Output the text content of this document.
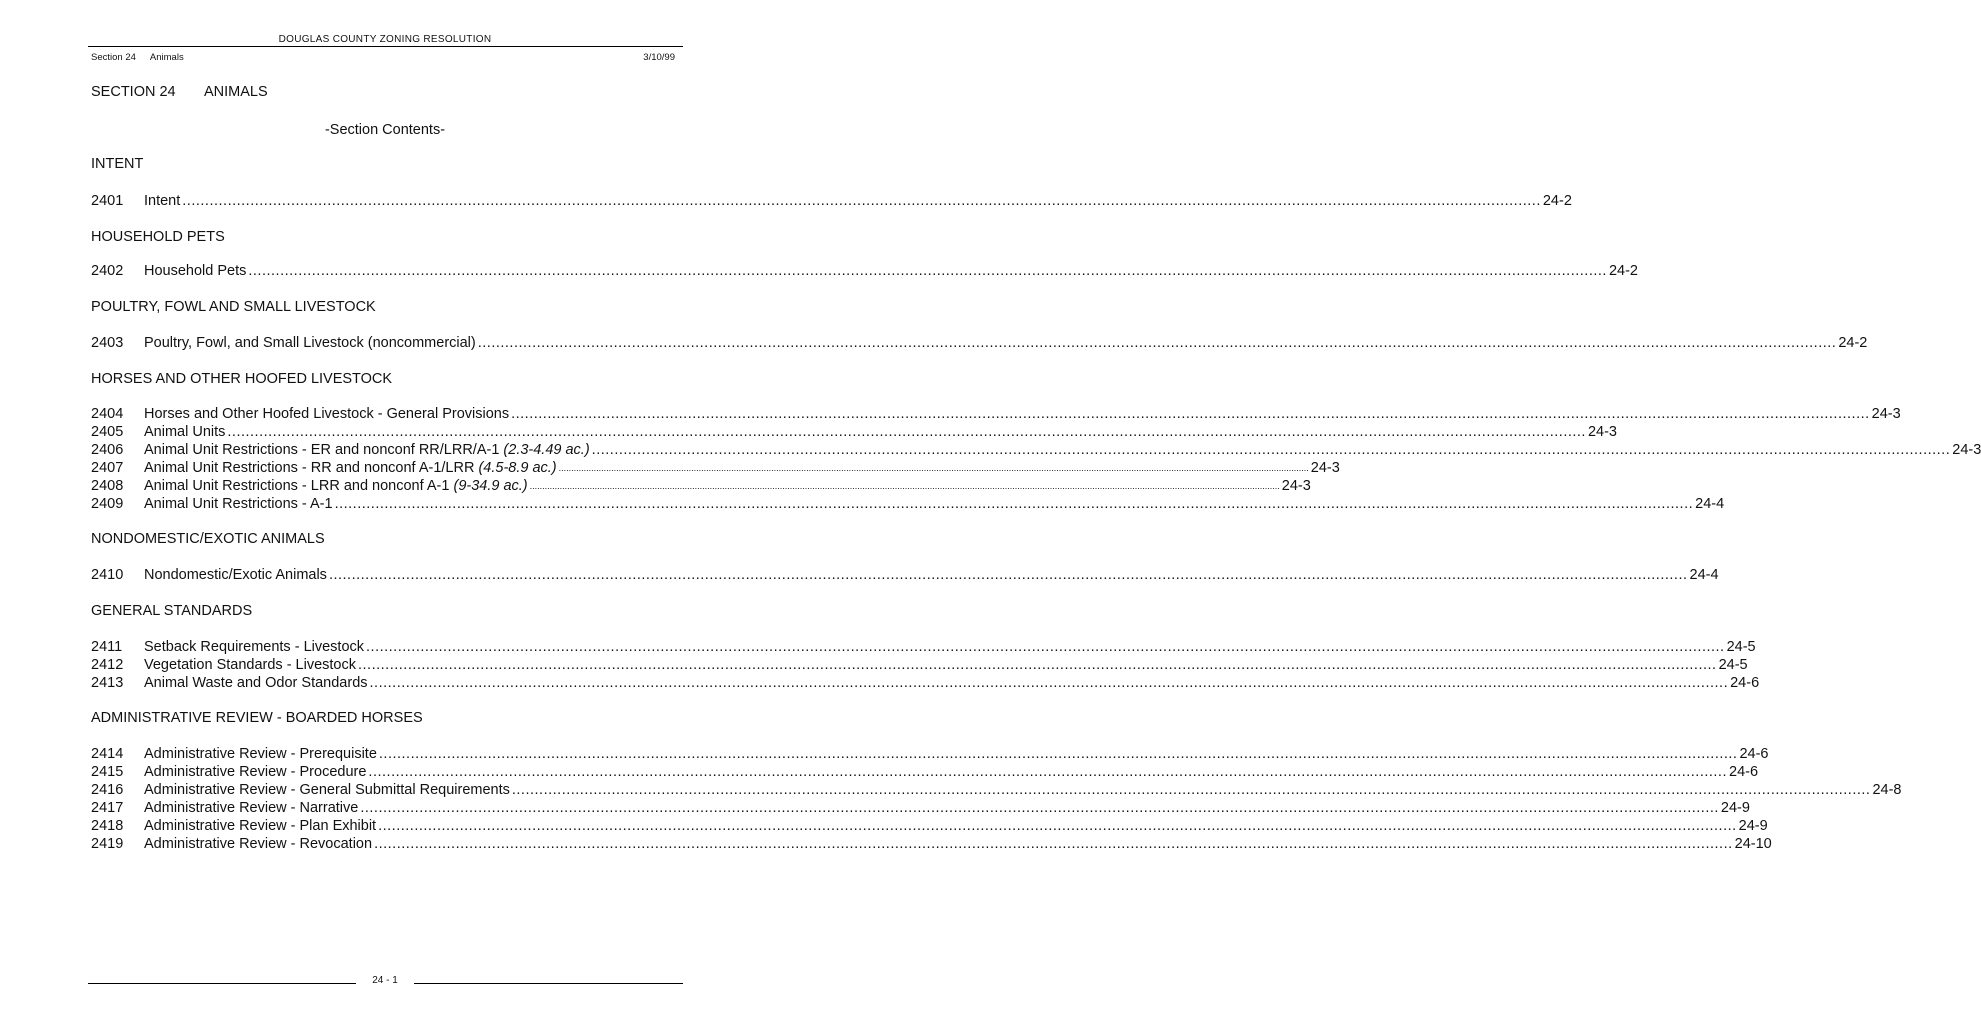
DOUGLAS COUNTY ZONING RESOLUTION
Section 24 Animals	3/10/99
SECTION 24 ANIMALS
-Section Contents-
INTENT
HOUSEHOLD PETS
POULTRY, FOWL AND SMALL LIVESTOCK
HORSES AND OTHER HOOFED LIVESTOCK
NONDOMESTIC/EXOTIC ANIMALS
GENERAL STANDARDS
ADMINISTRATIVE REVIEW - BOARDED HORSES
2401	Intent ............................................................................................................................................................................................................................................................................................................ 24-2
2402	Household Pets ............................................................................................................................................................................................................................................................................................................ 24-2
2403	Poultry, Fowl, and Small Livestock (noncommercial) ............................................................................................................................................................................................................................................................................................................ 24-2
2404	Horses and Other Hoofed Livestock - General Provisions ............................................................................................................................................................................................................................................................................................................ 24-3
2405	Animal Units ............................................................................................................................................................................................................................................................................................................ 24-3
2406	Animal Unit Restrictions - ER and nonconf RR/LRR/A-1 (2.3-4.49 ac.) ............................................................................................................................................................................................................................................................................................................ 24-3
2407	Animal Unit Restrictions - RR and nonconf A-1/LRR (4.5-8.9 ac.) ............................................................................................................................................................................................................................................................................................................ 24-3
2408	Animal Unit Restrictions - LRR and nonconf A-1 (9-34.9 ac.) ............................................................................................................................................................................................................................................................................................................ 24-3
2409	Animal Unit Restrictions - A-1 ............................................................................................................................................................................................................................................................................................................ 24-4
2410	Nondomestic/Exotic Animals ............................................................................................................................................................................................................................................................................................................ 24-4
2411	Setback Requirements - Livestock ............................................................................................................................................................................................................................................................................................................ 24-5
2412	Vegetation Standards - Livestock ............................................................................................................................................................................................................................................................................................................ 24-5
2413	Animal Waste and Odor Standards ............................................................................................................................................................................................................................................................................................................ 24-6
2414	Administrative Review - Prerequisite ............................................................................................................................................................................................................................................................................................................ 24-6
2415	Administrative Review - Procedure ............................................................................................................................................................................................................................................................................................................ 24-6
2416	Administrative Review - General Submittal Requirements ............................................................................................................................................................................................................................................................................................................ 24-8
2417	Administrative Review - Narrative ............................................................................................................................................................................................................................................................................................................ 24-9
2418	Administrative Review - Plan Exhibit ............................................................................................................................................................................................................................................................................................................ 24-9
2419	Administrative Review - Revocation ............................................................................................................................................................................................................................................................................................................ 24-10
24 - 1
